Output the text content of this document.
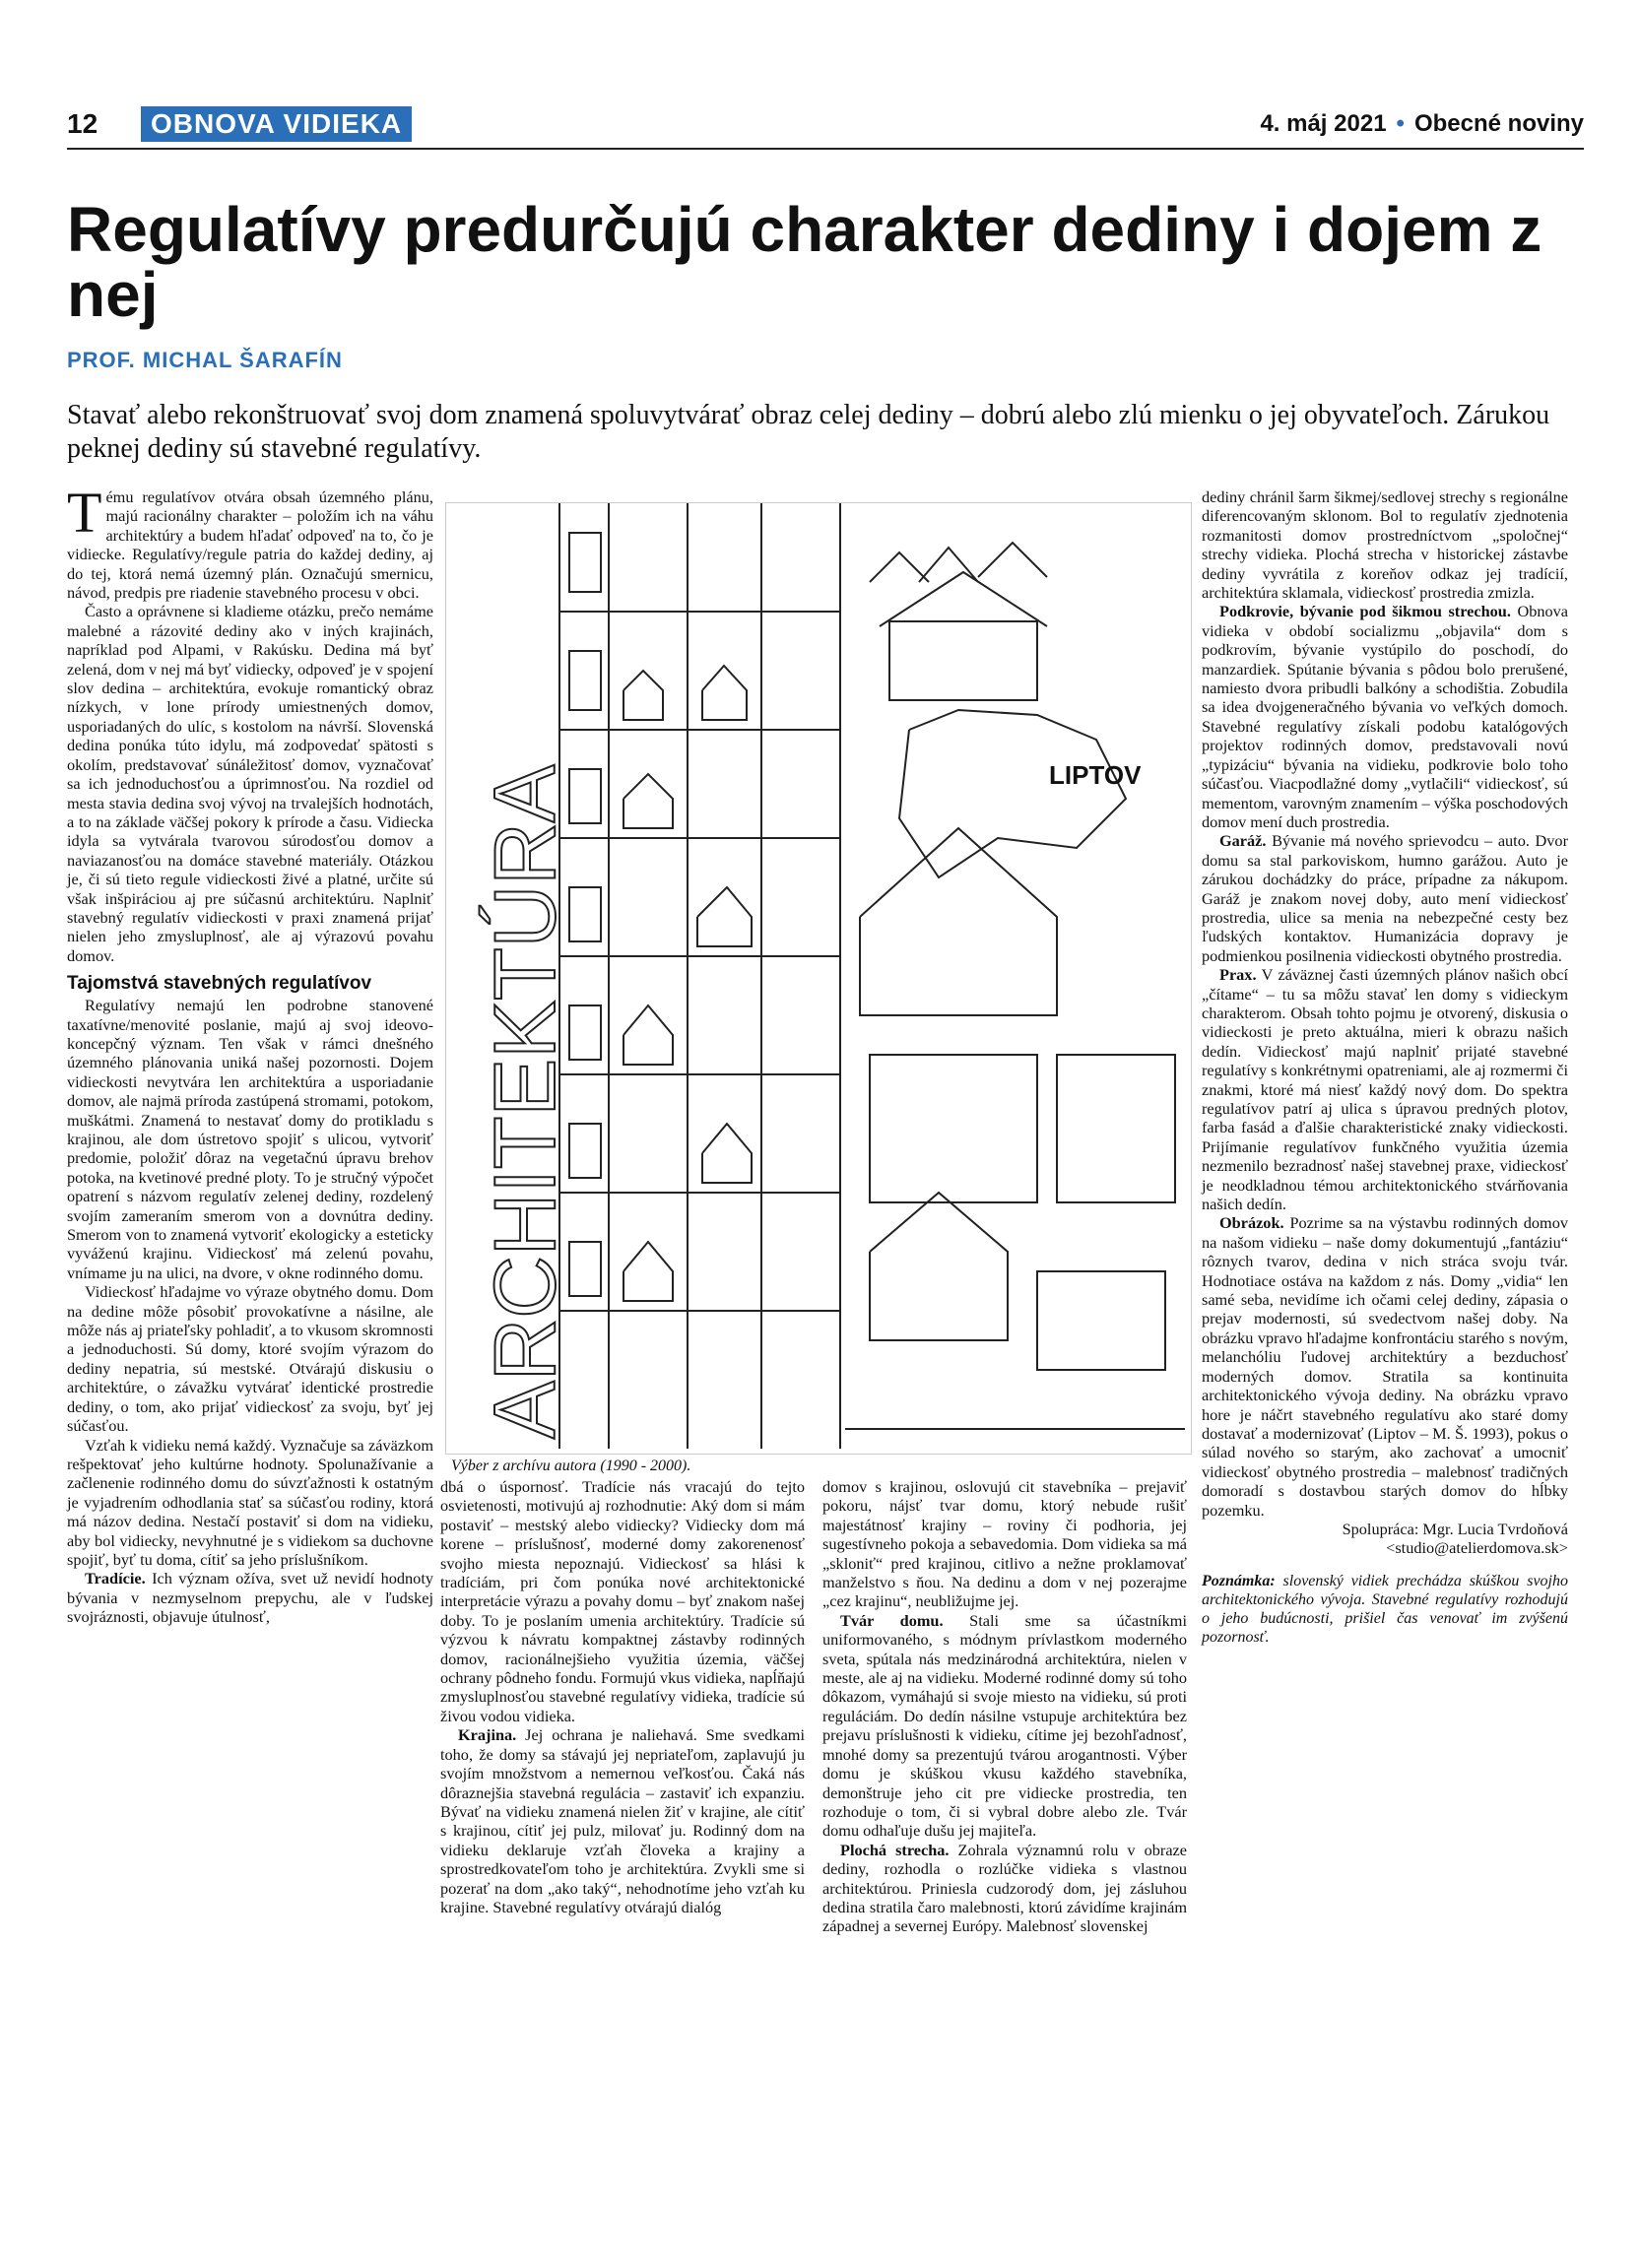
12	OBNOVA VIDIEKA	4. máj 2021 • Obecné noviny
Regulatívy predurčujú charakter dediny i dojem z nej
PROF. MICHAL ŠARAFÍN

Stavať alebo rekonštruovať svoj dom znamená spoluvytvárať obraz celej dediny – dobrú alebo zlú mienku o jej obyvateľoch. Zárukou peknej dediny sú stavebné regulatívy.

Tému regulatívov otvára obsah územného plánu, majú racionálny charakter – položím ich na váhu architektúry a budem hľadať odpoveď na to, čo je vidiecke. Regulatívy/regule patria do každej dediny, aj do tej, ktorá nemá územný plán. Označujú smernicu, návod, predpis pre riadenie stavebného procesu v obci.

Často a oprávnene si kladieme otázku, prečo nemáme malebné a rázovité dediny ako v iných krajinách, napríklad pod Alpami, v Rakúsku. Dedina má byť zelená, dom v nej má byť vidiecky, odpoveď je v spojení slov dedina – architektúra, evokuje romantický obraz nízkych, v lone prírody umiestnených domov, usporiadaných do ulíc, s kostolom na návrší. Slovenská dedina ponúka túto idylu, má zodpovedať spätosti s okolím, predstavovať súnáležitosť domov, vyznačovať sa ich jednoduchosťou a úprimnosťou. Na rozdiel od mesta stavia dedina svoj vývoj na trvalejších hodnotách, a to na základe väčšej pokory k prírode a času. Vidiecka idyla sa vytvárala tvarovou súrodosťou domov a naviazanosťou na domáce stavebné materiály. Otázkou je, či sú tieto regule vidieckosti živé a platné, určite sú však inšpiráciou aj pre súčasnú architektúru. Naplniť stavebný regulatív vidieckosti v praxi znamená prijať nielen jeho zmysluplnosť, ale aj výrazovú povahu domov.

Tajomstvá stavebných regulatívov

Regulatívy nemajú len podrobne stanovené taxatívne/menovité poslanie, majú aj svoj ideovo-koncepčný význam. Ten však v rámci dnešného územného plánovania uniká našej pozornosti. Dojem vidieckosti nevytvára len architektúra a usporiadanie domov, ale najmä príroda zastúpená stromami, potokom, muškátmi. Znamená to nestavať domy do protikladu s krajinou, ale dom ústretovo spojiť s ulicou, vytvoriť predomie, položiť dôraz na vegetačnú úpravu brehov potoka, na kvetinové predné ploty. To je stručný výpočet opatrení s názvom regulatív zelenej dediny, rozdelený svojím zameraním smerom von a dovnútra dediny. Smerom von to znamená vytvoriť ekologicky a esteticky vyváženú krajinu. Vidieckosť má zelenú povahu, vnímame ju na ulici, na dvore, v okne rodinného domu.

Vidieckosť hľadajme vo výraze obytného domu. Dom na dedine môže pôsobiť provokatívne a násilne, ale môže nás aj priateľsky pohladiť, a to vkusom skromnosti a jednoduchosti. Sú domy, ktoré svojím výrazom do dediny nepatria, sú mestské. Otvárajú diskusiu o architektúre, o závažku vytvárať identické prostredie dediny, o tom, ako prijať vidieckosť za svoju, byť jej súčasťou.

Vzťah k vidieku nemá každý. Vyznačuje sa záväzkom rešpektovať jeho kultúrne hodnoty. Spolunažívanie a začlenenie rodinného domu do súvzťažnosti k ostatným je vyjadrením odhodlania stať sa súčasťou rodiny, ktorá má názov dedina. Nestačí postaviť si dom na vidieku, aby bol vidiecky, nevyhnutné je s vidiekom sa duchovne spojiť, byť tu doma, cítiť sa jeho príslušníkom.

Tradície. Ich význam ožíva, svet už nevidí hodnoty bývania v nezmyselnom prepychu, ale v ľudskej svojráznosti, objavuje útulnosť,

ARCHITEKTÚRA	LIPTOV
Výber z archívu autora (1990 - 2000).

dbá o úspornosť. Tradície nás vracajú do tejto osvietenosti, motivujú aj rozhodnutie: Aký dom si mám postaviť – mestský alebo vidiecky? Vidiecky dom má korene – príslušnosť, moderné domy zakorenenosť svojho miesta nepoznajú. Vidieckosť sa hlási k tradíciám, pri čom ponúka nové architektonické interpretácie výrazu a povahy domu – byť znakom našej doby. To je poslaním umenia architektúry. Tradície sú výzvou k návratu kompaktnej zástavby rodinných domov, racionálnejšieho využitia územia, väčšej ochrany pôdneho fondu. Formujú vkus vidieka, napĺňajú zmysluplnosťou stavebné regulatívy vidieka, tradície sú živou vodou vidieka.

Krajina. Jej ochrana je naliehavá. Sme svedkami toho, že domy sa stávajú jej nepriateľom, zaplavujú ju svojím množstvom a nemernou veľkosťou. Čaká nás dôraznejšia stavebná regulácia – zastaviť ich expanziu. Bývať na vidieku znamená nielen žiť v krajine, ale cítiť s krajinou, cítiť jej pulz, milovať ju. Rodinný dom na vidieku deklaruje vzťah človeka a krajiny a sprostredkovateľom toho je architektúra. Zvykli sme si pozerať na dom „ako taký“, nehodnotíme jeho vzťah ku krajine. Stavebné regulatívy otvárajú dialóg

domov s krajinou, oslovujú cit stavebníka – prejaviť pokoru, nájsť tvar domu, ktorý nebude rušiť majestátnosť krajiny – roviny či podhoria, jej sugestívneho pokoja a sebavedomia. Dom vidieka sa má „skloniť“ pred krajinou, citlivo a nežne proklamovať manželstvo s ňou. Na dedinu a dom v nej pozerajme „cez krajinu“, neubližujme jej.

Tvár domu. Stali sme sa účastníkmi uniformovaného, s módnym prívlastkom moderného sveta, spútala nás medzinárodná architektúra, nielen v meste, ale aj na vidieku. Moderné rodinné domy sú toho dôkazom, vymáhajú si svoje miesto na vidieku, sú proti reguláciám. Do dedín násilne vstupuje architektúra bez prejavu príslušnosti k vidieku, cítime jej bezohľadnosť, mnohé domy sa prezentujú tvárou arogantnosti. Výber domu je skúškou vkusu každého stavebníka, demonštruje jeho cit pre vidiecke prostredia, ten rozhoduje o tom, či si vybral dobre alebo zle. Tvár domu odhaľuje dušu jej majiteľa.

Plochá strecha. Zohrala významnú rolu v obraze dediny, rozhodla o rozlúčke vidieka s vlastnou architektúrou. Priniesla cudzorodý dom, jej zásluhou dedina stratila čaro malebnosti, ktorú závidíme krajinám západnej a severnej Európy. Malebnosť slovenskej

dediny chránil šarm šikmej/sedlovej strechy s regionálne diferencovaným sklonom. Bol to regulatív zjednotenia rozmanitosti domov prostredníctvom „spoločnej“ strechy vidieka. Plochá strecha v historickej zástavbe dediny vyvrátila z koreňov odkaz jej tradícií, architektúra sklamala, vidieckosť prostredia zmizla.

Podkrovie, bývanie pod šikmou strechou. Obnova vidieka v období socializmu „objavila“ dom s podkrovím, bývanie vystúpilo do poschodí, do manzardiek. Spútanie bývania s pôdou bolo prerušené, namiesto dvora pribudli balkóny a schodištia. Zobudila sa idea dvojgeneračného bývania vo veľkých domoch. Stavebné regulatívy získali podobu katalógových projektov rodinných domov, predstavovali novú „typizáciu“ bývania na vidieku, podkrovie bolo toho súčasťou. Viacpodlažné domy „vytlačili“ vidieckosť, sú mementom, varovným znamením – výška poschodových domov mení duch prostredia.

Garáž. Bývanie má nového sprievodcu – auto. Dvor domu sa stal parkoviskom, humno garážou. Auto je zárukou dochádzky do práce, prípadne za nákupom. Garáž je znakom novej doby, auto mení vidieckosť prostredia, ulice sa menia na nebezpečné cesty bez ľudských kontaktov. Humanizácia dopravy je podmienkou posilnenia vidieckosti obytného prostredia.

Prax. V záväznej časti územných plánov našich obcí „čítame“ – tu sa môžu stavať len domy s vidieckym charakterom. Obsah tohto pojmu je otvorený, diskusia o vidieckosti je preto aktuálna, mieri k obrazu našich dedín. Vidieckosť majú naplniť prijaté stavebné regulatívy s konkrétnymi opatreniami, ale aj rozmermi či znakmi, ktoré má niesť každý nový dom. Do spektra regulatívov patrí aj ulica s úpravou predných plotov, farba fasád a ďalšie charakteristické znaky vidieckosti. Prijímanie regulatívov funkčného využitia územia nezmenilo bezradnosť našej stavebnej praxe, vidieckosť je neodkladnou témou architektonického stvárňovania našich dedín.

Obrázok. Pozrime sa na výstavbu rodinných domov na našom vidieku – naše domy dokumentujú „fantáziu“ rôznych tvarov, dedina v nich stráca svoju tvár. Hodnotiace ostáva na každom z nás. Domy „vidia“ len samé seba, nevidíme ich očami celej dediny, zápasia o prejav modernosti, sú svedectvom našej doby. Na obrázku vpravo hľadajme konfrontáciu starého s novým, melanchóliu ľudovej architektúry a bezduchosť moderných domov. Stratila sa kontinuita architektonického vývoja dediny. Na obrázku vpravo hore je náčrt stavebného regulatívu ako staré domy dostavať a modernizovať (Liptov – M. Š. 1993), pokus o súlad nového so starým, ako zachovať a umocniť vidieckosť obytného prostredia – malebnosť tradičných domoradí s dostavbou starých domov do hĺbky pozemku.

Spolupráca: Mgr. Lucia Tvrdoňová

<studio@atelierdomova.sk>

Poznámka: slovenský vidiek prechádza skúškou svojho architektonického vývoja. Stavebné regulatívy rozhodujú o jeho budúcnosti, prišiel čas venovať im zvýšenú pozornosť.
